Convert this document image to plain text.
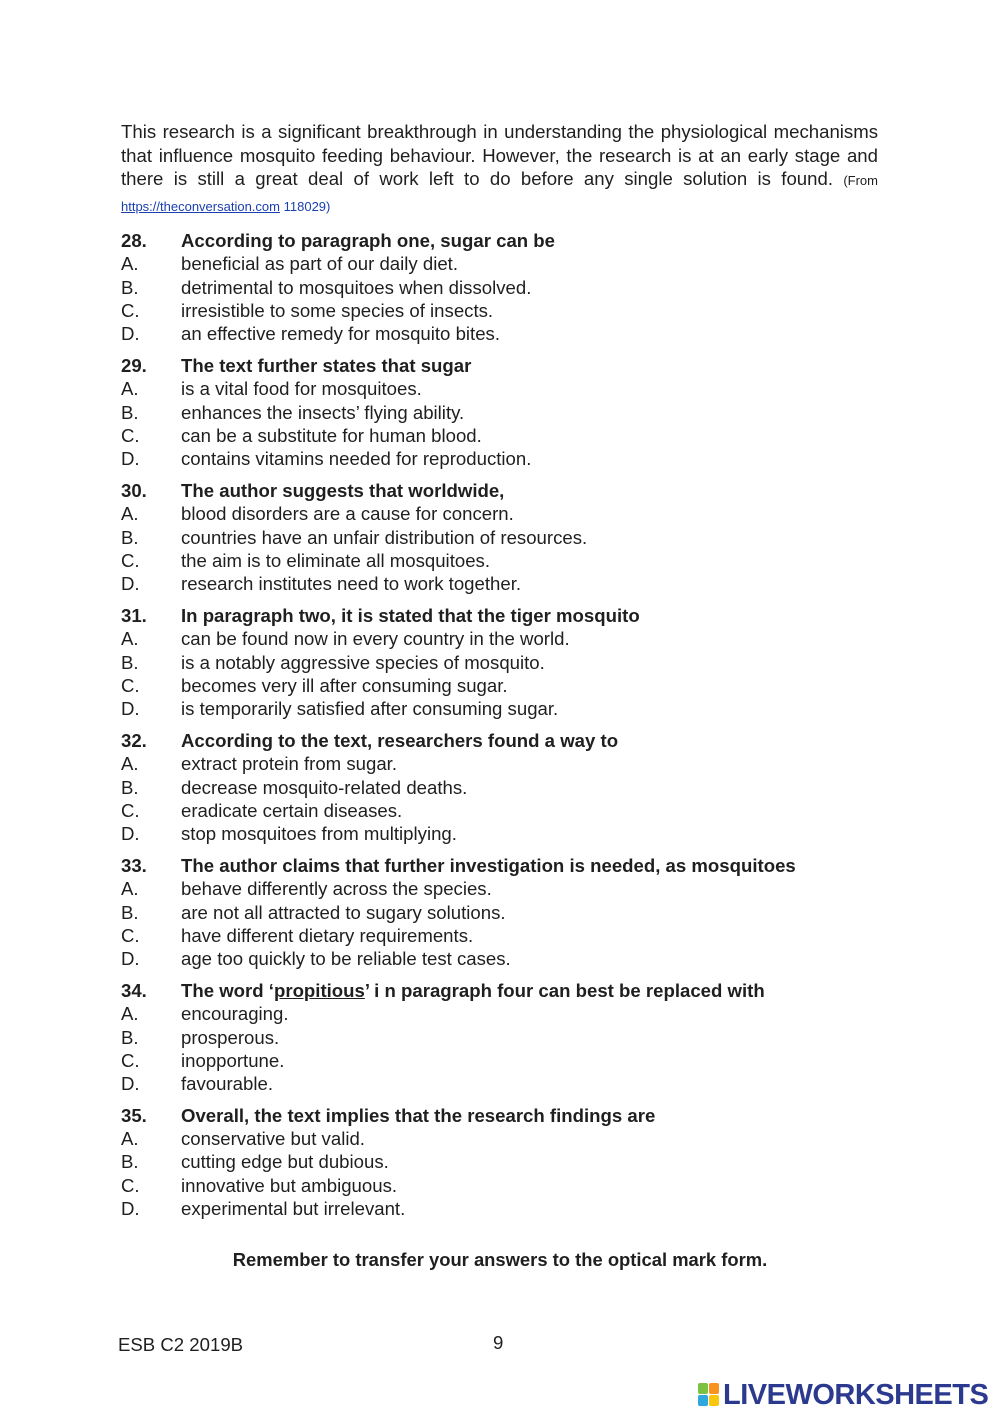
This research is a significant breakthrough in understanding the physiological mechanisms that influence mosquito feeding behaviour. However, the research is at an early stage and there is still a great deal of work left to do before any single solution is found. (From https://theconversation.com 118029)
28.	According to paragraph one, sugar can be
A.	beneficial as part of our daily diet.
B.	detrimental to mosquitoes when dissolved.
C.	irresistible to some species of insects.
D.	an effective remedy for mosquito bites.
29.	The text further states that sugar
A.	is a vital food for mosquitoes.
B.	enhances the insects’ flying ability.
C.	can be a substitute for human blood.
D.	contains vitamins needed for reproduction.
30.	The author suggests that worldwide,
A.	blood disorders are a cause for concern.
B.	countries have an unfair distribution of resources.
C.	the aim is to eliminate all mosquitoes.
D.	research institutes need to work together.
31.	In paragraph two, it is stated that the tiger mosquito
A.	can be found now in every country in the world.
B.	is a notably aggressive species of mosquito.
C.	becomes very ill after consuming sugar.
D.	is temporarily satisfied after consuming sugar.
32.	According to the text, researchers found a way to
A.	extract protein from sugar.
B.	decrease mosquito-related deaths.
C.	eradicate certain diseases.
D.	stop mosquitoes from multiplying.
33.	The author claims that further investigation is needed, as mosquitoes
A.	behave differently across the species.
B.	are not all attracted to sugary solutions.
C.	have different dietary requirements.
D.	age too quickly to be reliable test cases.
34.	The word ‘propitious’ i n paragraph four can best be replaced with
A.	encouraging.
B.	prosperous.
C.	inopportune.
D.	favourable.
35.	Overall, the text implies that the research findings are
A.	conservative but valid.
B.	cutting edge but dubious.
C.	innovative but ambiguous.
D.	experimental but irrelevant.
Remember to transfer your answers to the optical mark form.
ESB C2 2019B	9
LIVEWORKSHEETS
